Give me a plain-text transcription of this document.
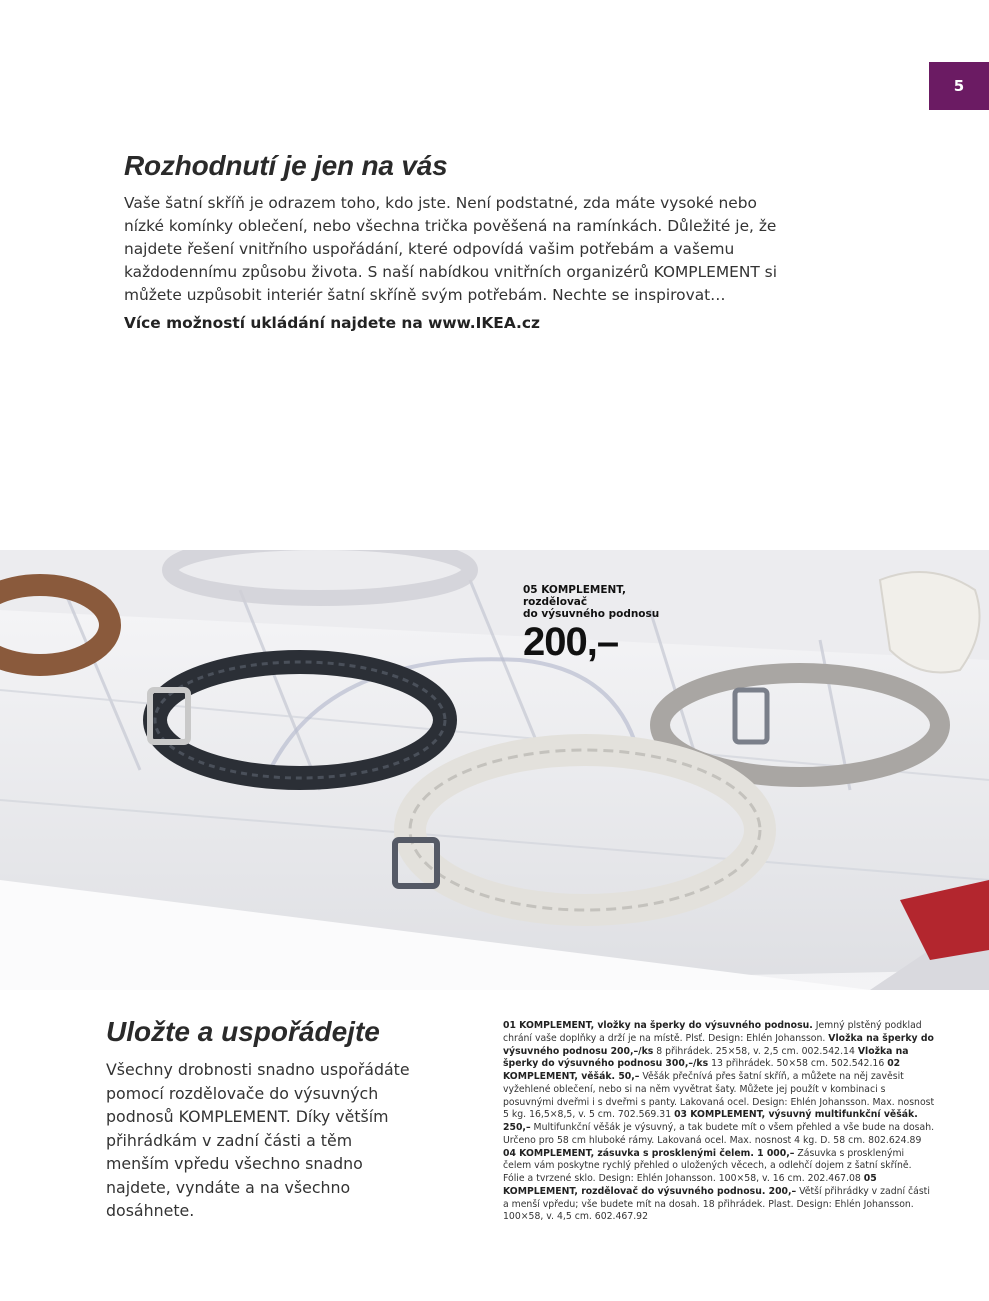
5
Rozhodnutí je jen na vás

Vaše šatní skříň je odrazem toho, kdo jste. Není podstatné, zda máte vysoké nebo
nízké komínky oblečení, nebo všechna trička pověšená na ramínkách. Důležité je, že
najdete řešení vnitřního uspořádání, které odpovídá vašim potřebám a vašemu
každodennímu způsobu života. S naší nabídkou vnitřních organizérů KOMPLEMENT si
můžete uzpůsobit interiér šatní skříně svým potřebám. Nechte se inspirovat…

Více možností ukládání najdete na www.IKEA.cz

05 KOMPLEMENT,
rozdělovač
do výsuvného podnosu
200,–
Uložte a uspořádejte

Všechny drobnosti snadno uspořádáte
pomocí rozdělovače do výsuvných
podnosů KOMPLEMENT. Díky větším
přihrádkám v zadní části a těm
menším vpředu všechno snadno
najdete, vyndáte a na všechno
dosáhnete.

01 KOMPLEMENT, vložky na šperky do výsuvného podnosu. Jemný plstěný podklad chrání vaše doplňky a drží je na místě. Plsť. Design: Ehlén Johansson. Vložka na šperky do výsuvného podnosu 200,–/ks 8 přihrádek. 25×58, v. 2,5 cm. 002.542.14 Vložka na šperky do výsuvného podnosu 300,–/ks 13 přihrádek. 50×58 cm. 502.542.16 02 KOMPLEMENT, věšák. 50,– Věšák přečnívá přes šatní skříň, a můžete na něj zavěsit vyžehlené oblečení, nebo si na něm vyvětrat šaty. Můžete jej použít v kombinaci s posuvnými dveřmi i s dveřmi s panty. Lakovaná ocel. Design: Ehlén Johansson. Max. nosnost 5 kg. 16,5×8,5, v. 5 cm. 702.569.31 03 KOMPLEMENT, výsuvný multifunkční věšák. 250,– Multifunkční věšák je výsuvný, a tak budete mít o všem přehled a vše bude na dosah. Určeno pro 58 cm hluboké rámy. Lakovaná ocel. Max. nosnost 4 kg. D. 58 cm. 802.624.89 04 KOMPLEMENT, zásuvka s prosklenými čelem. 1 000,– Zásuvka s prosklenými čelem vám poskytne rychlý přehled o uložených věcech, a odlehčí dojem z šatní skříně. Fólie a tvrzené sklo. Design: Ehlén Johansson. 100×58, v. 16 cm. 202.467.08 05 KOMPLEMENT, rozdělovač do výsuvného podnosu. 200,– Větší přihrádky v zadní části a menší vpředu; vše budete mít na dosah. 18 přihrádek. Plast. Design: Ehlén Johansson. 100×58, v. 4,5 cm. 602.467.92
